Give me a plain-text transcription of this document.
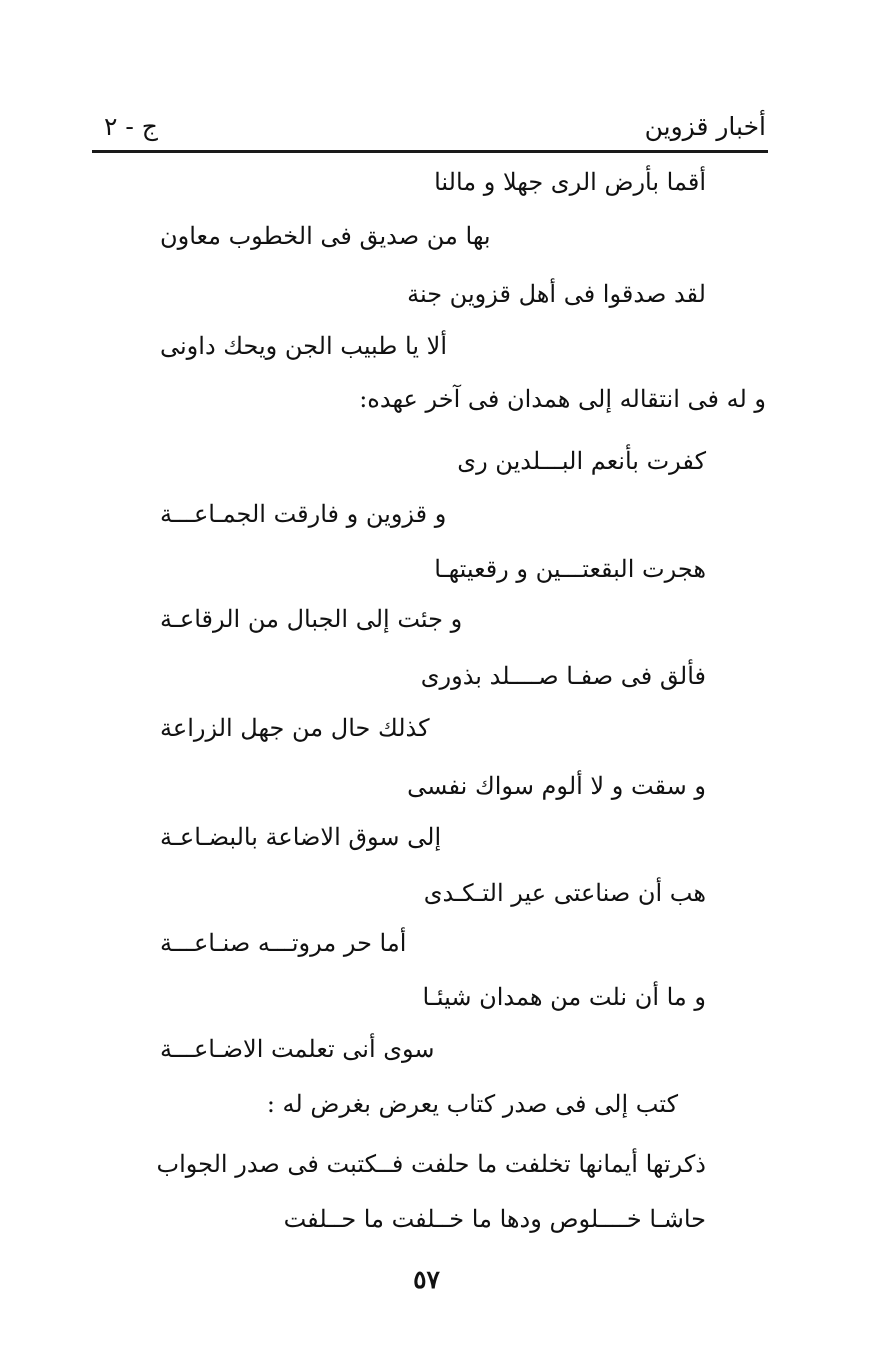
أخبار قزوين
ج - ٢
أقما بأرض الرى جهلا و مالنا
بها من صديق فى الخطوب معاون
لقد صدقوا فى أهل قزوين جنة
ألا يا طبيب الجن ويحك داونى
و له فى انتقاله إلى همدان فى آخر عهده:
كفرت بأنعم البـــلدين رى
و قزوين و فارقت الجمـاعـــة
هجرت البقعتـــين و رقعيتهـا
و جئت إلى الجبال من الرقاعـة
فألق فى صفـا صــــلد بذورى
كذلك حال من جهل الزراعة
و سقت و لا ألوم سواك نفسى
إلى سوق الاضاعة بالبضـاعـة
هب أن صناعتى عير التـكـدى
أما حر مروتـــه صنـاعـــة
و ما أن نلت من همدان شيئـا
سوى أنى تعلمت الاضـاعـــة
كتب إلى فى صدر كتاب يعرض بغرض له :
ذكرتها أيمانها تخلفت ما حلفت فــكتبت فى صدر الجواب
حاشـا خــــلوص ودها ما خــلفت ما حــلفت
٥٧
